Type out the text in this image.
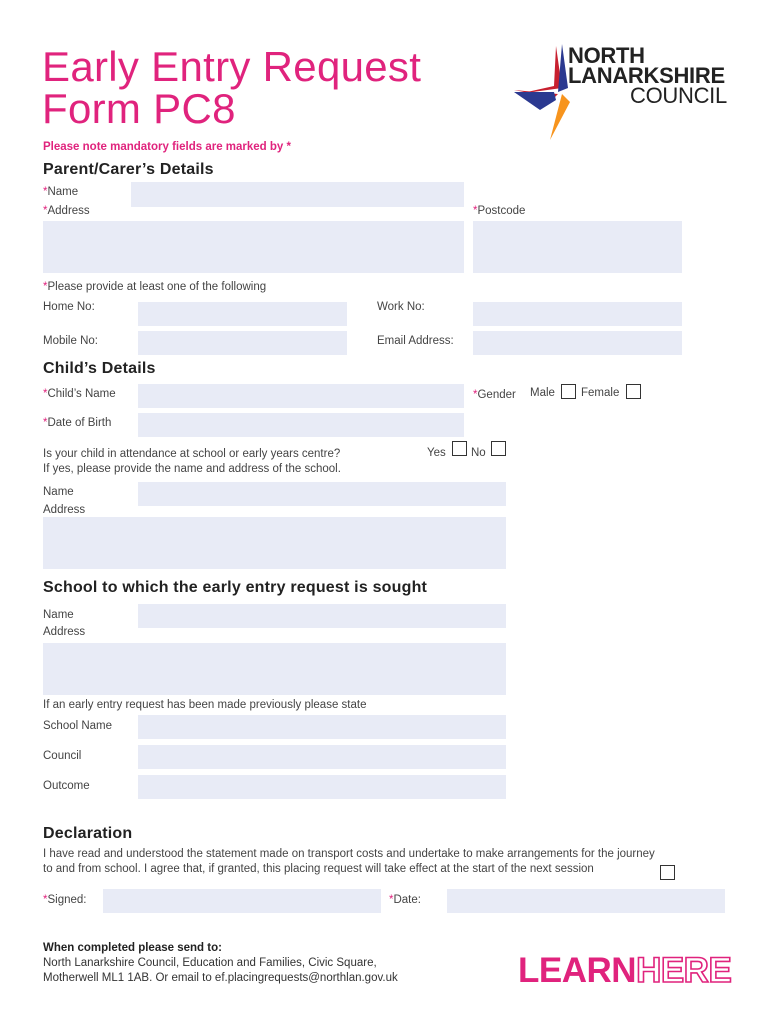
Early Entry Request
Form PC8
NORTH
LANARKSHIRE
COUNCIL
Please note mandatory fields are marked by *
Parent/Carer’s Details
*Name
*Address	*Postcode
*Please provide at least one of the following
Home No:	Work No:
Mobile No:	Email Address:
Child’s Details
*Child’s Name	*Gender Male Female
*Date of Birth
Is your child in attendance at school or early years centre?
If yes, please provide the name and address of the school.
Yes No
Name
Address
School to which the early entry request is sought
Name
Address
If an early entry request has been made previously please state
School Name
Council
Outcome
Declaration
I have read and understood the statement made on transport costs and undertake to make arrangements for the journey
to and from school. I agree that, if granted, this placing request will take effect at the start of the next session
*Signed:	*Date:
When completed please send to:
North Lanarkshire Council, Education and Families, Civic Square,
Motherwell ML1 1AB. Or email to ef.placingrequests@northlan.gov.uk	LEARNHERE
